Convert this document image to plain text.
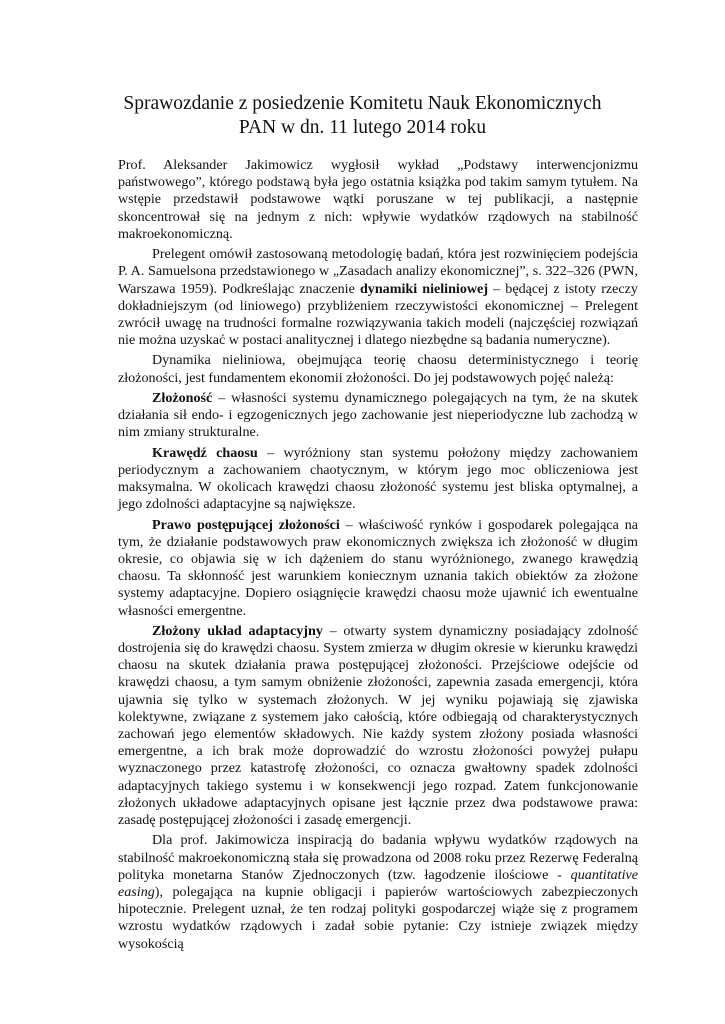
Sprawozdanie z posiedzenie Komitetu Nauk Ekonomicznych
PAN w dn. 11 lutego 2014 roku

Prof. Aleksander Jakimowicz wygłosił wykład „Podstawy interwencjonizmu państwowego”, którego podstawą była jego ostatnia książka pod takim samym tytułem. Na wstępie przedstawił podstawowe wątki poruszane w tej publikacji, a następnie skoncentrował się na jednym z nich: wpływie wydatków rządowych na stabilność makroekonomiczną.

Prelegent omówił zastosowaną metodologię badań, która jest rozwinięciem podejścia P. A. Samuelsona przedstawionego w „Zasadach analizy ekonomicznej”, s. 322–326 (PWN, Warszawa 1959). Podkreślając znaczenie dynamiki nieliniowej – będącej z istoty rzeczy dokładniejszym (od liniowego) przybliżeniem rzeczywistości ekonomicznej – Prelegent zwrócił uwagę na trudności formalne rozwiązywania takich modeli (najczęściej rozwiązań nie można uzyskać w postaci analitycznej i dlatego niezbędne są badania numeryczne).

Dynamika nieliniowa, obejmująca teorię chaosu deterministycznego i teorię złożoności, jest fundamentem ekonomii złożoności. Do jej podstawowych pojęć należą:

Złożoność – własności systemu dynamicznego polegających na tym, że na skutek działania sił endo- i egzogenicznych jego zachowanie jest nieperiodyczne lub zachodzą w nim zmiany strukturalne.

Krawędź chaosu – wyróżniony stan systemu położony między zachowaniem periodycznym a zachowaniem chaotycznym, w którym jego moc obliczeniowa jest maksymalna. W okolicach krawędzi chaosu złożoność systemu jest bliska optymalnej, a jego zdolności adaptacyjne są największe.

Prawo postępującej złożoności – właściwość rynków i gospodarek polegająca na tym, że działanie podstawowych praw ekonomicznych zwiększa ich złożoność w długim okresie, co objawia się w ich dążeniem do stanu wyróżnionego, zwanego krawędzią chaosu. Ta skłonność jest warunkiem koniecznym uznania takich obiektów za złożone systemy adaptacyjne. Dopiero osiągnięcie krawędzi chaosu może ujawnić ich ewentualne własności emergentne.

Złożony układ adaptacyjny – otwarty system dynamiczny posiadający zdolność dostrojenia się do krawędzi chaosu. System zmierza w długim okresie w kierunku krawędzi chaosu na skutek działania prawa postępującej złożoności. Przejściowe odejście od krawędzi chaosu, a tym samym obniżenie złożoności, zapewnia zasada emergencji, która ujawnia się tylko w systemach złożonych. W jej wyniku pojawiają się zjawiska kolektywne, związane z systemem jako całością, które odbiegają od charakterystycznych zachowań jego elementów składowych. Nie każdy system złożony posiada własności emergentne, a ich brak może doprowadzić do wzrostu złożoności powyżej pułapu wyznaczonego przez katastrofę złożoności, co oznacza gwałtowny spadek zdolności adaptacyjnych takiego systemu i w konsekwencji jego rozpad. Zatem funkcjonowanie złożonych układowe adaptacyjnych opisane jest łącznie przez dwa podstawowe prawa: zasadę postępującej złożoności i zasadę emergencji.

Dla prof. Jakimowicza inspiracją do badania wpływu wydatków rządowych na stabilność makroekonomiczną stała się prowadzona od 2008 roku przez Rezerwę Federalną polityka monetarna Stanów Zjednoczonych (tzw. łagodzenie ilościowe - quantitative easing), polegająca na kupnie obligacji i papierów wartościowych zabezpieczonych hipotecznie. Prelegent uznał, że ten rodzaj polityki gospodarczej wiąże się z programem wzrostu wydatków rządowych i zadał sobie pytanie: Czy istnieje związek między wysokością
